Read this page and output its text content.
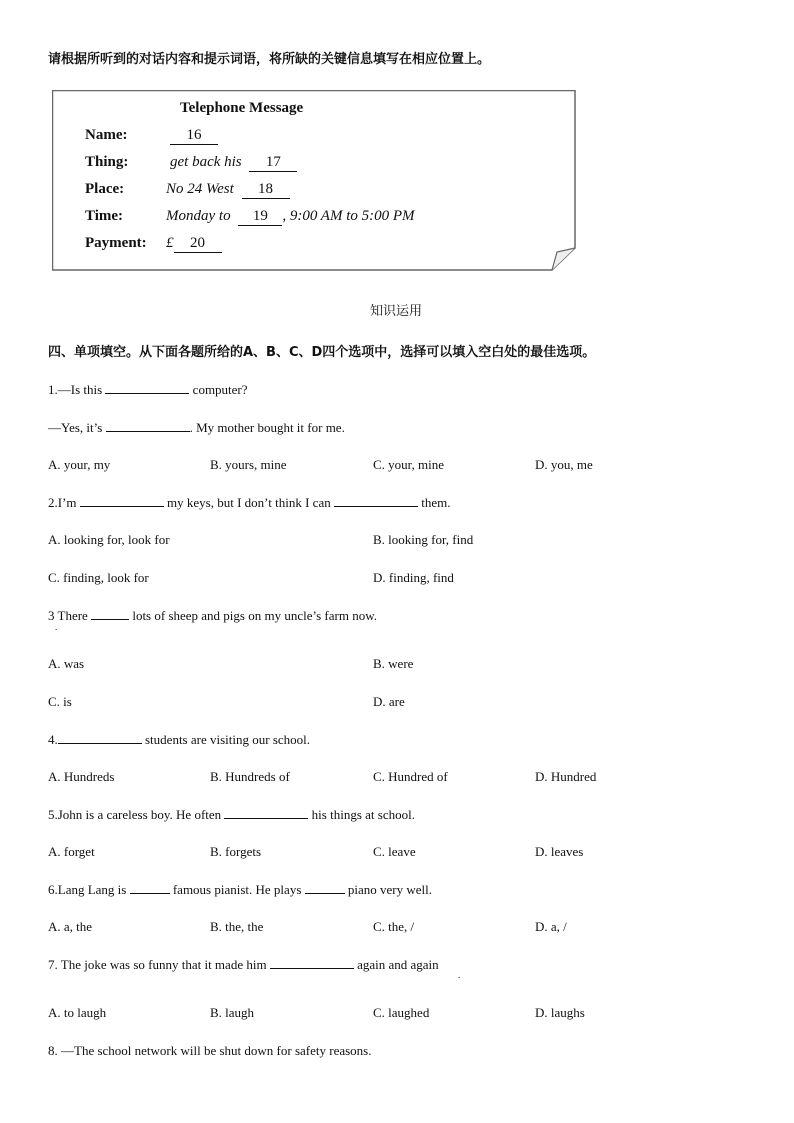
请根据所听到的对话内容和提示词语，将所缺的关键信息填写在相应位置上。
Telephone Message
Name:	16
Thing:	get back his 17
Place:	No 24 West 18
Time:	Monday to 19 , 9:00 AM to 5:00 PM
Payment: £ 20
知识运用
四、单项填空。从下面各题所给的A、B、C、D四个选项中，选择可以填入空白处的最佳选项。
1.—Is this	computer?
—Yes, it’s	. My mother bought it for me.
A. your, my	B. yours, mine	C. your, mine	D. you, me
2.I’m	my keys, but I don’t think I can	them.
A. looking for, look for	B. looking for, find
C. finding, look for	D. finding, find
3 There	lots of sheep and pigs on my uncle’s farm now.
.
A. was	B. were
C. is	D. are
4.	students are visiting our school.
A. Hundreds	B. Hundreds of	C. Hundred of	D. Hundred
5.John is a careless boy. He often	his things at school.
A. forget	B. forgets	C. leave	D. leaves
6.Lang Lang is	famous pianist. He plays	piano very well.
A. a, the	B. the, the	C. the, /	D. a, /
7. The joke was so funny that it made him	again and again
.
A. to laugh	B. laugh	C. laughed	D. laughs
8. —The school network will be shut down for safety reasons.
